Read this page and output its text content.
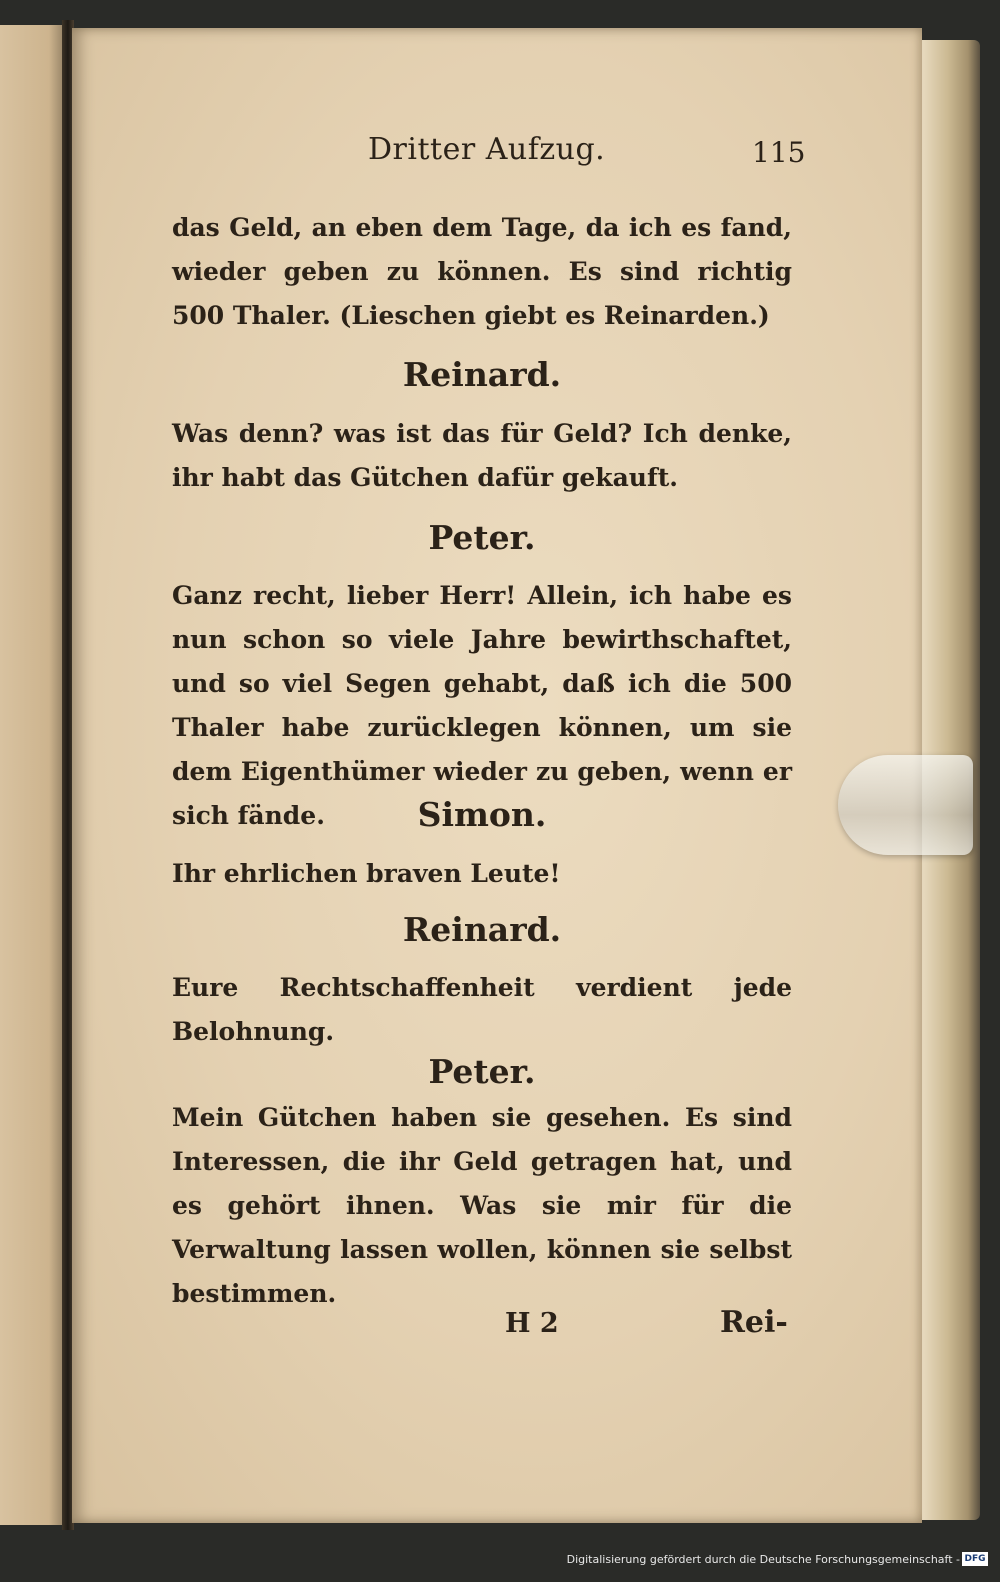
Dritter Aufzug.	115
das Geld, an eben dem Tage, da ich es fand, wieder geben zu können. Es sind richtig 500 Thaler. (Lieschen giebt es Reinarden.)
Reinard.
Was denn? was ist das für Geld? Ich denke, ihr habt das Gütchen dafür gekauft.
Peter.
Ganz recht, lieber Herr! Allein, ich habe es nun schon so viele Jahre bewirthschaftet, und so viel Segen gehabt, daß ich die 500 Thaler habe zurücklegen können, um sie dem Eigenthümer wieder zu geben, wenn er sich fände.	Simon.
Ihr ehrlichen braven Leute!
Reinard.
Eure Rechtschaffenheit verdient jede Belohnung.
Peter.
Mein Gütchen haben sie gesehen. Es sind Interessen, die ihr Geld getragen hat, und es gehört ihnen. Was sie mir für die Verwaltung lassen wollen, können sie selbst bestimmen.
H 2	Rei-
Digitalisierung gefördert durch die Deutsche Forschungsgemeinschaft - DFG
